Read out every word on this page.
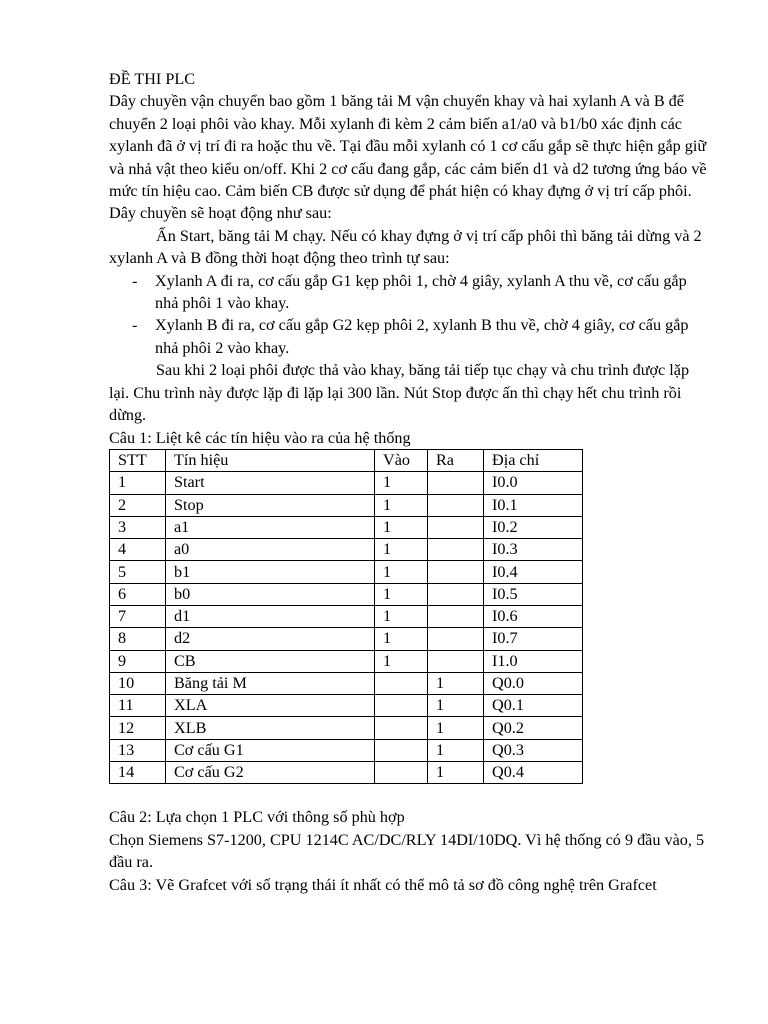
ĐỀ THI PLC

Dây chuyền vận chuyển bao gồm 1 băng tải M vận chuyển khay và hai xylanh A và B để chuyển 2 loại phôi vào khay. Mỗi xylanh đi kèm 2 cảm biến a1/a0 và b1/b0 xác định các xylanh đã ở vị trí đi ra hoặc thu về. Tại đầu mỗi xylanh có 1 cơ cấu gắp sẽ thực hiện gắp giữ và nhả vật theo kiểu on/off. Khi 2 cơ cấu đang gắp, các cảm biến d1 và d2 tương ứng báo về mức tín hiệu cao. Cảm biến CB được sử dụng để phát hiện có khay đựng ở vị trí cấp phôi. Dây chuyền sẽ hoạt động như sau:

Ấn Start, băng tải M chạy. Nếu có khay đựng ở vị trí cấp phôi thì băng tải dừng và 2 xylanh A và B đồng thời hoạt động theo trình tự sau:

- Xylanh A đi ra, cơ cấu gắp G1 kẹp phôi 1, chờ 4 giây, xylanh A thu về, cơ cấu gắp nhả phôi 1 vào khay.
- Xylanh B đi ra, cơ cấu gắp G2 kẹp phôi 2, xylanh B thu về, chờ 4 giây, cơ cấu gắp nhả phôi 2 vào khay.

Sau khi 2 loại phôi được thả vào khay, băng tải tiếp tục chạy và chu trình được lặp lại. Chu trình này được lặp đi lặp lại 300 lần. Nút Stop được ấn thì chạy hết chu trình rồi dừng.

Câu 1: Liệt kê các tín hiệu vào ra của hệ thống

STT	Tín hiệu	Vào	Ra	Địa chỉ
1	Start	1		I0.0
2	Stop	1		I0.1
3	a1	1		I0.2
4	a0	1		I0.3
5	b1	1		I0.4
6	b0	1		I0.5
7	d1	1		I0.6
8	d2	1		I0.7
9	CB	1		I1.0
10	Băng tải M		1	Q0.0
11	XLA		1	Q0.1
12	XLB		1	Q0.2
13	Cơ cấu G1		1	Q0.3
14	Cơ cấu G2		1	Q0.4

Câu 2: Lựa chọn 1 PLC với thông số phù hợp

Chọn Siemens S7-1200, CPU 1214C AC/DC/RLY 14DI/10DQ. Vì hệ thống có 9 đầu vào, 5 đầu ra.

Câu 3: Vẽ Grafcet với số trạng thái ít nhất có thể mô tả sơ đồ công nghệ trên Grafcet
